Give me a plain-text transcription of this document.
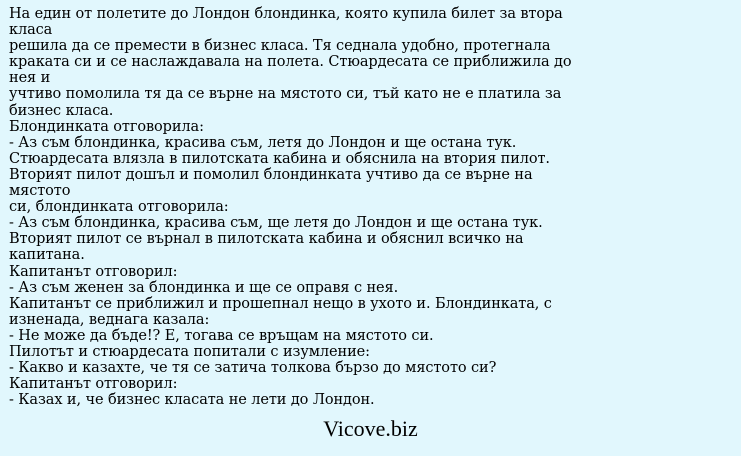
На един от полетите до Лондон блондинка, която купила билет за втора класа
решила да се премести в бизнес класа. Тя седнала удобно, протегнала
краката си и се наслаждавала на полета. Стюардесата се приближила до нея и
учтиво помолила тя да се върне на мястото си, тъй като не е платила за
бизнес класа.
Блондинката отговорила:
- Аз съм блондинка, красива съм, летя до Лондон и ще остана тук.
Стюардесата влязла в пилотската кабина и обяснила на втория пилот.
Вторият пилот дошъл и помолил блондинката учтиво да се върне на мястото
си, блондинката отговорила:
- Аз съм блондинка, красива съм, ще летя до Лондон и ще остана тук.
Вторият пилот се върнал в пилотската кабина и обяснил всичко на капитана.
Капитанът отговорил:
- Аз съм женен за блондинка и ще се оправя с нея.
Капитанът се приближил и прошепнал нещо в ухото и. Блондинката, с
изненада, веднага казала:
- Не може да бъде!? Е, тогава се връщам на мястото си.
Пилотът и стюардесата попитали с изумление:
- Какво и казахте, че тя се затича толкова бързо до мястото си?
Капитанът отговорил:
- Казах и, че бизнес класата не лети до Лондон.
Vicove.biz
